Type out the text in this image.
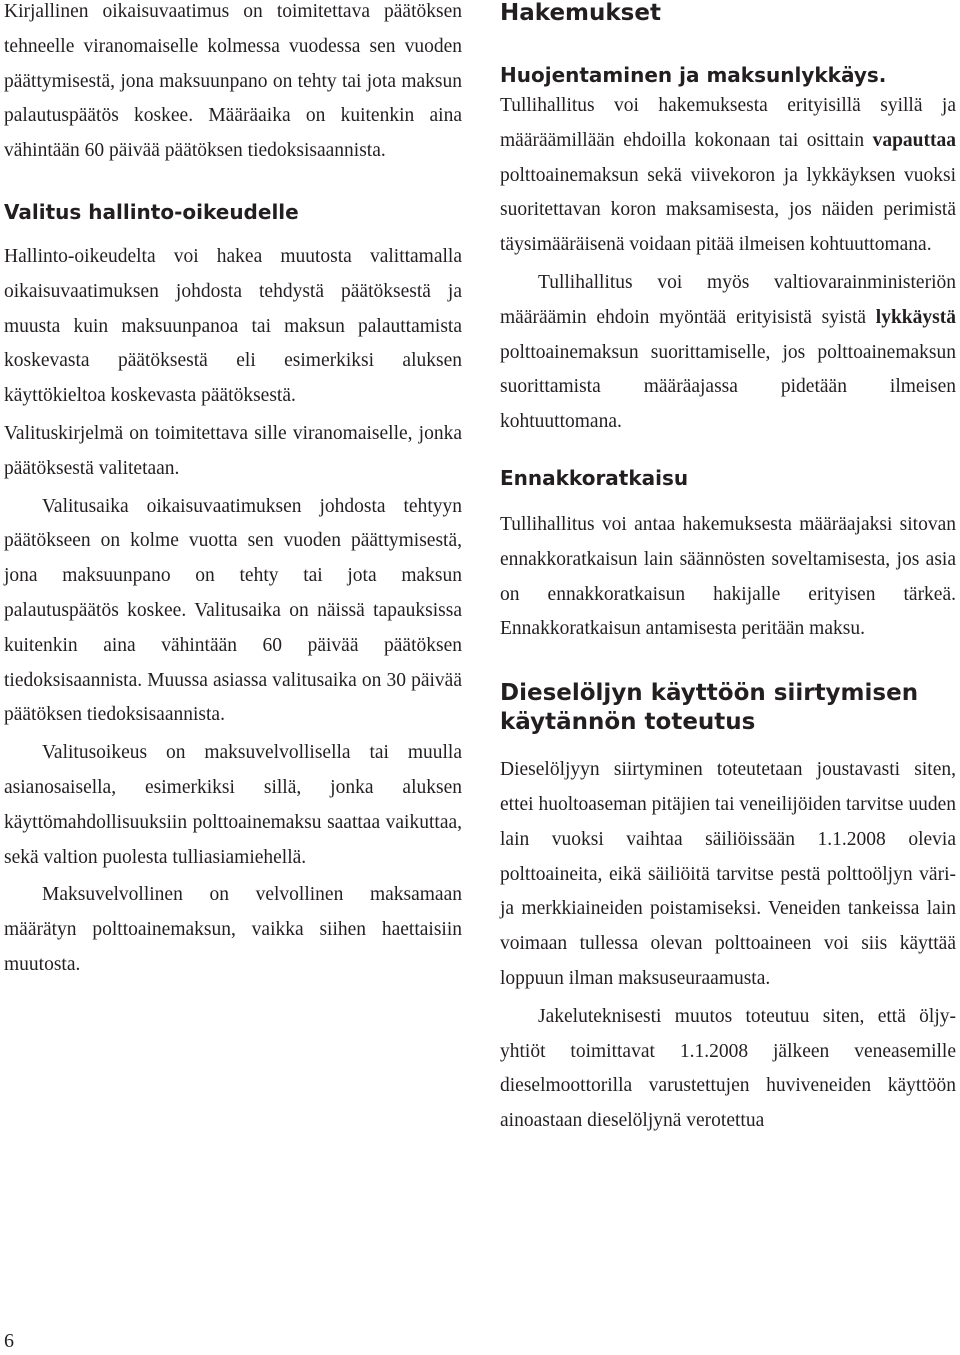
Kirjallinen oikaisuvaatimus on toimitettava päätöksen tehneelle viranomaiselle kolmessa vuodessa sen vuoden päättymisestä, jona maksuunpano on tehty tai jota maksun palautuspäätös koskee. Määräaika on kuitenkin aina vähintään 60 päivää päätöksen tiedoksisaannista.

Valitus hallinto-oikeudelle

Hallinto-oikeudelta voi hakea muutosta valittamalla oikaisuvaatimuksen johdosta tehdystä päätöksestä ja muusta kuin maksuunpanoa tai maksun palauttamista koskevasta päätöksestä eli esimerkiksi aluksen käyttökieltoa koskevasta päätöksestä.

Valituskirjelmä on toimitettava sille viranomaiselle, jonka päätöksestä valitetaan.

Valitusaika oikaisuvaatimuksen johdosta tehtyyn päätökseen on kolme vuotta sen vuoden päättymisestä, jona maksuunpano on tehty tai jota maksun palautuspäätös koskee. Valitusaika on näissä tapauksissa kuitenkin aina vähintään 60 päivää päätöksen tiedoksisaannista. Muussa asiassa valitusaika on 30 päivää päätöksen tiedoksisaannista.

Valitusoikeus on maksuvelvollisella tai muulla asianosaisella, esimerkiksi sillä, jonka aluksen käyttömahdollisuuksiin polttoainemaksu saattaa vaikuttaa, sekä valtion puolesta tulliasiamiehellä.

Maksuvelvollinen on velvollinen maksamaan määrätyn polttoainemaksun, vaikka siihen haettaisiin muutosta.

Hakemukset
Huojentaminen ja maksunlykkäys.

Tullihallitus voi hakemuksesta erityisillä syillä ja määräämillään ehdoilla kokonaan tai osittain vapauttaa polttoainemaksun sekä viivekoron ja lykkäyksen vuoksi suoritettavan koron maksamisesta, jos näiden perimistä täysimääräisenä voidaan pitää ilmeisen kohtuuttomana.

Tullihallitus voi myös valtiovarainministeriön määräämin ehdoin myöntää erityisistä syistä lykkäystä polttoainemaksun suorittamiselle, jos polttoainemaksun suorittamista määräajassa pidetään ilmeisen kohtuuttomana.

Ennakkoratkaisu

Tullihallitus voi antaa hakemuksesta määräajaksi sitovan ennakkoratkaisun lain säännösten soveltamisesta, jos asia on ennakkoratkaisun hakijalle erityisen tärkeä. Ennakkoratkaisun antamisesta peritään maksu.

Dieselöljyn käyttöön siirtymisen käytännön toteutus

Dieselöljyyn siirtyminen toteutetaan joustavasti siten, ettei huoltoaseman pitäjien tai veneilijöiden tarvitse uuden lain vuoksi vaihtaa säiliöissään 1.1.2008 olevia polttoaineita, eikä säiliöitä tarvitse pestä polttoöljyn väri- ja merkkiaineiden poistamiseksi. Veneiden tankeissa lain voimaan tullessa olevan polttoaineen voi siis käyttää loppuun ilman maksuseuraamusta.

Jakeluteknisesti muutos toteutuu siten, että öljy-yhtiöt toimittavat 1.1.2008 jälkeen veneasemille dieselmoottorilla varustettujen huviveneiden käyttöön ainoastaan dieselöljynä verotettua

6
